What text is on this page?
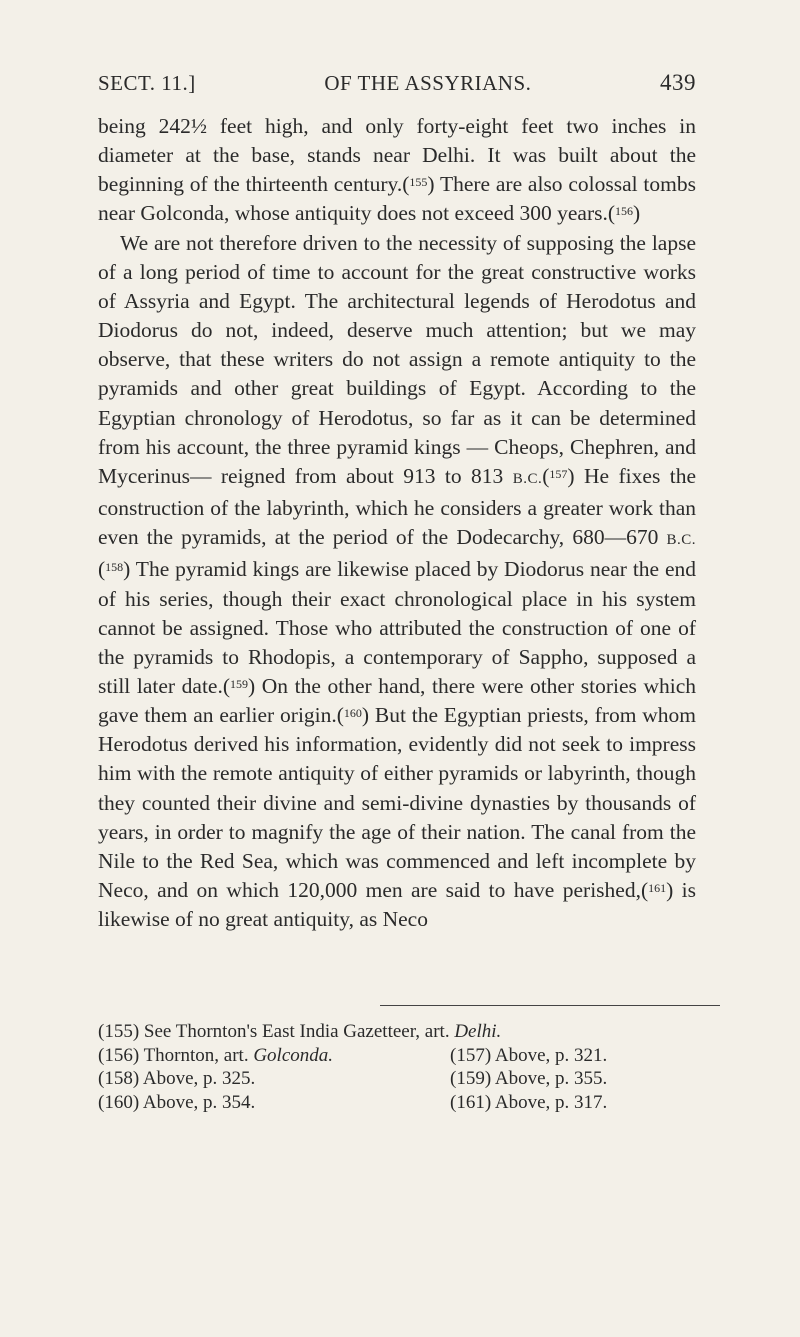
SECT. 11.]	OF THE ASSYRIANS.	439

being 242½ feet high, and only forty-eight feet two inches in diameter at the base, stands near Delhi. It was built about the beginning of the thirteenth century.($^{155}$) There are also colossal tombs near Golconda, whose antiquity does not exceed 300 years.($^{156}$)

We are not therefore driven to the necessity of supposing the lapse of a long period of time to account for the great constructive works of Assyria and Egypt. The architectural legends of Herodotus and Diodorus do not, indeed, deserve much attention; but we may observe, that these writers do not assign a remote antiquity to the pyramids and other great buildings of Egypt. According to the Egyptian chronology of Herodotus, so far as it can be determined from his account, the three pyramid kings — Cheops, Chephren, and Mycerinus— reigned from about 913 to 813 B.C.($^{157}$) He fixes the construction of the labyrinth, which he considers a greater work than even the pyramids, at the period of the Dodecarchy, 680—670 B.C.($^{158}$) The pyramid kings are likewise placed by Diodorus near the end of his series, though their exact chronological place in his system cannot be assigned. Those who attributed the construction of one of the pyramids to Rhodopis, a contemporary of Sappho, supposed a still later date.($^{159}$) On the other hand, there were other stories which gave them an earlier origin.($^{160}$) But the Egyptian priests, from whom Herodotus derived his information, evidently did not seek to impress him with the remote antiquity of either pyramids or labyrinth, though they counted their divine and semi-divine dynasties by thousands of years, in order to magnify the age of their nation. The canal from the Nile to the Red Sea, which was commenced and left incomplete by Neco, and on which 120,000 men are said to have perished,($^{161}$) is likewise of no great antiquity, as Neco

(155) See Thornton's East India Gazetteer, art. Delhi.
(156) Thornton, art. Golconda.	(157) Above, p. 321.
(158) Above, p. 325.	(159) Above, p. 355.
(160) Above, p. 354.	(161) Above, p. 317.
